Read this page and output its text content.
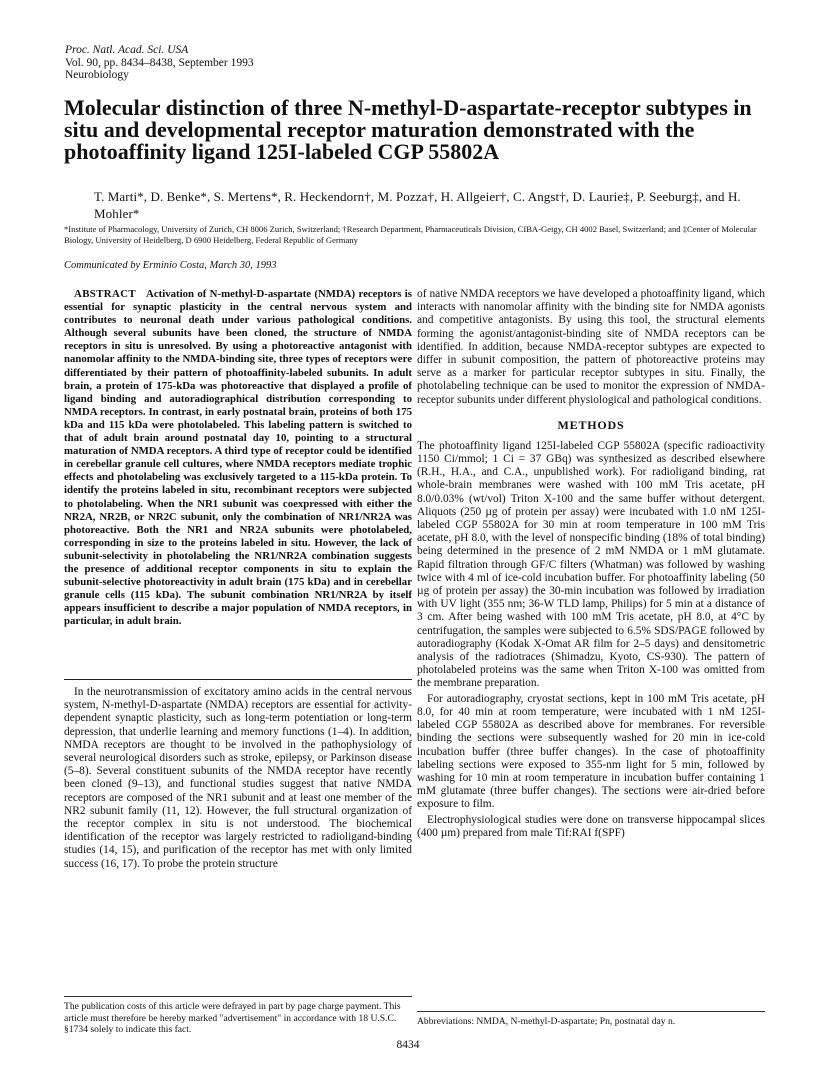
Proc. Natl. Acad. Sci. USA
Vol. 90, pp. 8434–8438, September 1993
Neurobiology
Molecular distinction of three N-methyl-D-aspartate-receptor subtypes in situ and developmental receptor maturation demonstrated with the photoaffinity ligand 125I-labeled CGP 55802A
T. Marti*, D. Benke*, S. Mertens*, R. Heckendorn†, M. Pozza†, H. Allgeier†, C. Angst†, D. Laurie‡, P. Seeburg‡, and H. Mohler*
*Institute of Pharmacology, University of Zurich, CH 8006 Zurich, Switzerland; †Research Department, Pharmaceuticals Division, CIBA-Geigy, CH 4002 Basel, Switzerland; and ‡Center of Molecular Biology, University of Heidelberg, D 6900 Heidelberg, Federal Republic of Germany
Communicated by Erminio Costa, March 30, 1993
ABSTRACT Activation of N-methyl-D-aspartate (NMDA) receptors is essential for synaptic plasticity in the central nervous system and contributes to neuronal death under various pathological conditions. Although several subunits have been cloned, the structure of NMDA receptors in situ is unresolved. By using a photoreactive antagonist with nanomolar affinity to the NMDA-binding site, three types of receptors were differentiated by their pattern of photoaffinity-labeled subunits. In adult brain, a protein of 175-kDa was photoreactive that displayed a profile of ligand binding and autoradiographical distribution corresponding to NMDA receptors. In contrast, in early postnatal brain, proteins of both 175 kDa and 115 kDa were photolabeled. This labeling pattern is switched to that of adult brain around postnatal day 10, pointing to a structural maturation of NMDA receptors. A third type of receptor could be identified in cerebellar granule cell cultures, where NMDA receptors mediate trophic effects and photolabeling was exclusively targeted to a 115-kDa protein. To identify the proteins labeled in situ, recombinant receptors were subjected to photolabeling. When the NR1 subunit was coexpressed with either the NR2A, NR2B, or NR2C subunit, only the combination of NR1/NR2A was photoreactive. Both the NR1 and NR2A subunits were photolabeled, corresponding in size to the proteins labeled in situ. However, the lack of subunit-selectivity in photolabeling the NR1/NR2A combination suggests the presence of additional receptor components in situ to explain the subunit-selective photoreactivity in adult brain (175 kDa) and in cerebellar granule cells (115 kDa). The subunit combination NR1/NR2A by itself appears insufficient to describe a major population of NMDA receptors, in particular, in adult brain.

In the neurotransmission of excitatory amino acids in the central nervous system, N-methyl-D-aspartate (NMDA) receptors are essential for activity-dependent synaptic plasticity, such as long-term potentiation or long-term depression, that underlie learning and memory functions (1–4). In addition, NMDA receptors are thought to be involved in the pathophysiology of several neurological disorders such as stroke, epilepsy, or Parkinson disease (5–8). Several constituent subunits of the NMDA receptor have recently been cloned (9–13), and functional studies suggest that native NMDA receptors are composed of the NR1 subunit and at least one member of the NR2 subunit family (11, 12). However, the full structural organization of the receptor complex in situ is not understood. The biochemical identification of the receptor was largely restricted to radioligand-binding studies (14, 15), and purification of the receptor has met with only limited success (16, 17). To probe the protein structure

of native NMDA receptors we have developed a photoaffinity ligand, which interacts with nanomolar affinity with the binding site for NMDA agonists and competitive antagonists. By using this tool, the structural elements forming the agonist/antagonist-binding site of NMDA receptors can be identified. In addition, because NMDA-receptor subtypes are expected to differ in subunit composition, the pattern of photoreactive proteins may serve as a marker for particular receptor subtypes in situ. Finally, the photolabeling technique can be used to monitor the expression of NMDA-receptor subunits under different physiological and pathological conditions.

METHODS

The photoaffinity ligand 125I-labeled CGP 55802A (specific radioactivity 1150 Ci/mmol; 1 Ci = 37 GBq) was synthesized as described elsewhere (R.H., H.A., and C.A., unpublished work). For radioligand binding, rat whole-brain membranes were washed with 100 mM Tris acetate, pH 8.0/0.03% (wt/vol) Triton X-100 and the same buffer without detergent. Aliquots (250 µg of protein per assay) were incubated with 1.0 nM 125I-labeled CGP 55802A for 30 min at room temperature in 100 mM Tris acetate, pH 8.0, with the level of nonspecific binding (18% of total binding) being determined in the presence of 2 mM NMDA or 1 mM glutamate. Rapid filtration through GF/C filters (Whatman) was followed by washing twice with 4 ml of ice-cold incubation buffer. For photoaffinity labeling (50 µg of protein per assay) the 30-min incubation was followed by irradiation with UV light (355 nm; 36-W TLD lamp, Philips) for 5 min at a distance of 3 cm. After being washed with 100 mM Tris acetate, pH 8.0, at 4°C by centrifugation, the samples were subjected to 6.5% SDS/PAGE followed by autoradiography (Kodak X-Omat AR film for 2–5 days) and densitometric analysis of the radiotraces (Shimadzu, Kyoto, CS-930). The pattern of photolabeled proteins was the same when Triton X-100 was omitted from the membrane preparation.

For autoradiography, cryostat sections, kept in 100 mM Tris acetate, pH 8.0, for 40 min at room temperature, were incubated with 1 nM 125I-labeled CGP 55802A as described above for membranes. For reversible binding the sections were subsequently washed for 20 min in ice-cold incubation buffer (three buffer changes). In the case of photoaffinity labeling sections were exposed to 355-nm light for 5 min, followed by washing for 10 min at room temperature in incubation buffer containing 1 mM glutamate (three buffer changes). The sections were air-dried before exposure to film.

Electrophysiological studies were done on transverse hippocampal slices (400 µm) prepared from male Tif:RAI f(SPF)

The publication costs of this article were defrayed in part by page charge payment. This article must therefore be hereby marked "advertisement" in accordance with 18 U.S.C. §1734 solely to indicate this fact.
Abbreviations: NMDA, N-methyl-D-aspartate; Pn, postnatal day n.
8434
